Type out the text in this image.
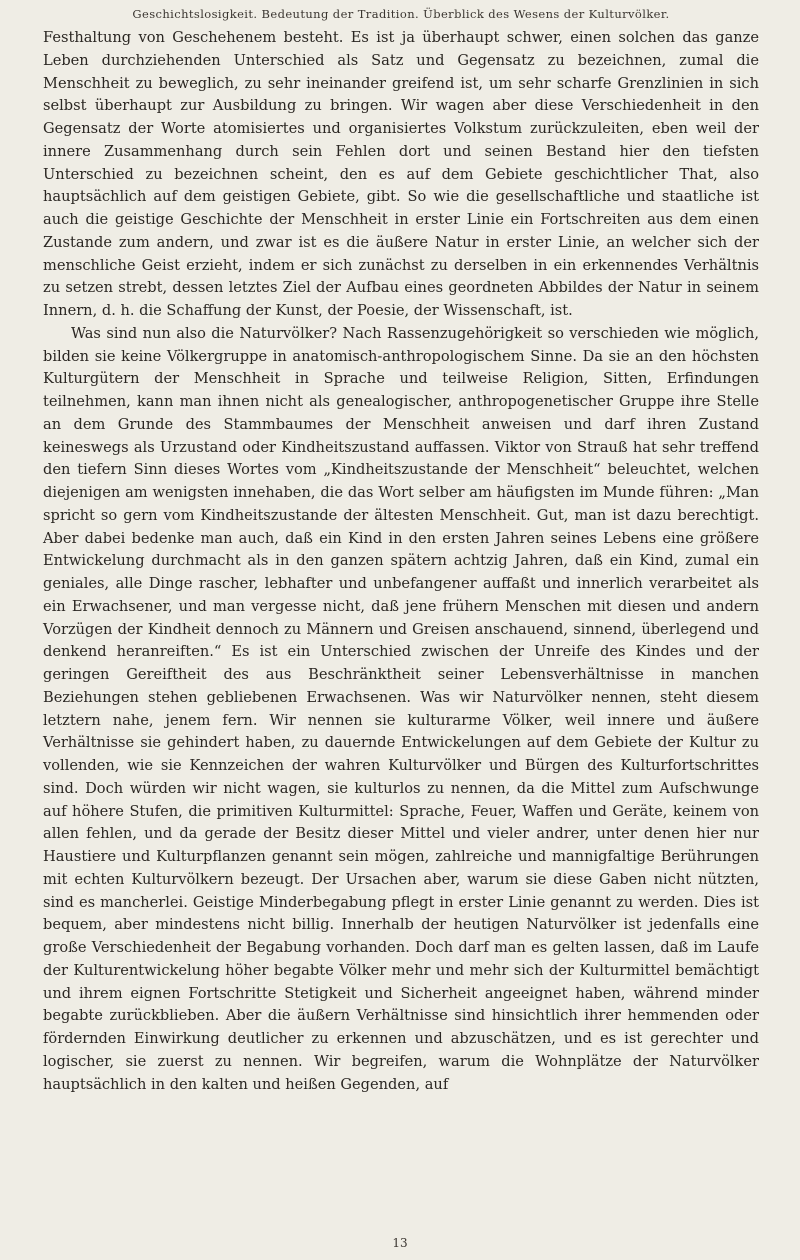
Geschichtslosigkeit. Bedeutung der Tradition. Überblick des Wesens der Kulturvölker.

Festhaltung von Geschehenem besteht. Es ist ja überhaupt schwer, einen solchen das ganze Leben durchziehenden Unterschied als Satz und Gegensatz zu bezeichnen, zumal die Menschheit zu beweglich, zu sehr ineinander greifend ist, um sehr scharfe Grenzlinien in sich selbst überhaupt zur Ausbildung zu bringen. Wir wagen aber diese Verschiedenheit in den Gegensatz der Worte atomisiertes und organisiertes Volkstum zurückzuleiten, eben weil der innere Zusammenhang durch sein Fehlen dort und seinen Bestand hier den tiefsten Unterschied zu bezeichnen scheint, den es auf dem Gebiete geschichtlicher That, also hauptsächlich auf dem geistigen Gebiete, gibt. So wie die gesellschaftliche und staatliche ist auch die geistige Geschichte der Menschheit in erster Linie ein Fortschreiten aus dem einen Zustande zum andern, und zwar ist es die äußere Natur in erster Linie, an welcher sich der menschliche Geist erzieht, indem er sich zunächst zu derselben in ein erkennendes Verhältnis zu setzen strebt, dessen letztes Ziel der Aufbau eines geordneten Abbildes der Natur in seinem Innern, d. h. die Schaffung der Kunst, der Poesie, der Wissenschaft, ist.

Was sind nun also die Naturvölker? Nach Rassenzugehörigkeit so verschieden wie möglich, bilden sie keine Völkergruppe in anatomisch-anthropologischem Sinne. Da sie an den höchsten Kulturgütern der Menschheit in Sprache und teilweise Religion, Sitten, Erfindungen teilnehmen, kann man ihnen nicht als genealogischer, anthropogenetischer Gruppe ihre Stelle an dem Grunde des Stammbaumes der Menschheit anweisen und darf ihren Zustand keineswegs als Urzustand oder Kindheitszustand auffassen. Viktor von Strauß hat sehr treffend den tiefern Sinn dieses Wortes vom „Kindheitszustande der Menschheit“ beleuchtet, welchen diejenigen am wenigsten innehaben, die das Wort selber am häufigsten im Munde führen: „Man spricht so gern vom Kindheitszustande der ältesten Menschheit. Gut, man ist dazu berechtigt. Aber dabei bedenke man auch, daß ein Kind in den ersten Jahren seines Lebens eine größere Entwickelung durchmacht als in den ganzen spätern achtzig Jahren, daß ein Kind, zumal ein geniales, alle Dinge rascher, lebhafter und unbefangener auffaßt und innerlich verarbeitet als ein Erwachsener, und man vergesse nicht, daß jene frühern Menschen mit diesen und andern Vorzügen der Kindheit dennoch zu Männern und Greisen anschauend, sinnend, überlegend und denkend heranreiften.“ Es ist ein Unterschied zwischen der Unreife des Kindes und der geringen Gereiftheit des aus Beschränktheit seiner Lebensverhältnisse in manchen Beziehungen stehen gebliebenen Erwachsenen. Was wir Naturvölker nennen, steht diesem letztern nahe, jenem fern. Wir nennen sie kulturarme Völker, weil innere und äußere Verhältnisse sie gehindert haben, zu dauernde Entwickelungen auf dem Gebiete der Kultur zu vollenden, wie sie Kennzeichen der wahren Kulturvölker und Bürgen des Kulturfortschrittes sind. Doch würden wir nicht wagen, sie kulturlos zu nennen, da die Mittel zum Aufschwunge auf höhere Stufen, die primitiven Kulturmittel: Sprache, Feuer, Waffen und Geräte, keinem von allen fehlen, und da gerade der Besitz dieser Mittel und vieler andrer, unter denen hier nur Haustiere und Kulturpflanzen genannt sein mögen, zahlreiche und mannigfaltige Berührungen mit echten Kulturvölkern bezeugt. Der Ursachen aber, warum sie diese Gaben nicht nützten, sind es mancherlei. Geistige Minderbegabung pflegt in erster Linie genannt zu werden. Dies ist bequem, aber mindestens nicht billig. Innerhalb der heutigen Naturvölker ist jedenfalls eine große Verschiedenheit der Begabung vorhanden. Doch darf man es gelten lassen, daß im Laufe der Kulturentwickelung höher begabte Völker mehr und mehr sich der Kulturmittel bemächtigt und ihrem eignen Fortschritte Stetigkeit und Sicherheit angeeignet haben, während minder begabte zurückblieben. Aber die äußern Verhältnisse sind hinsichtlich ihrer hemmenden oder fördernden Einwirkung deutlicher zu erkennen und abzuschätzen, und es ist gerechter und logischer, sie zuerst zu nennen. Wir begreifen, warum die Wohnplätze der Naturvölker hauptsächlich in den kalten und heißen Gegenden, auf

13
